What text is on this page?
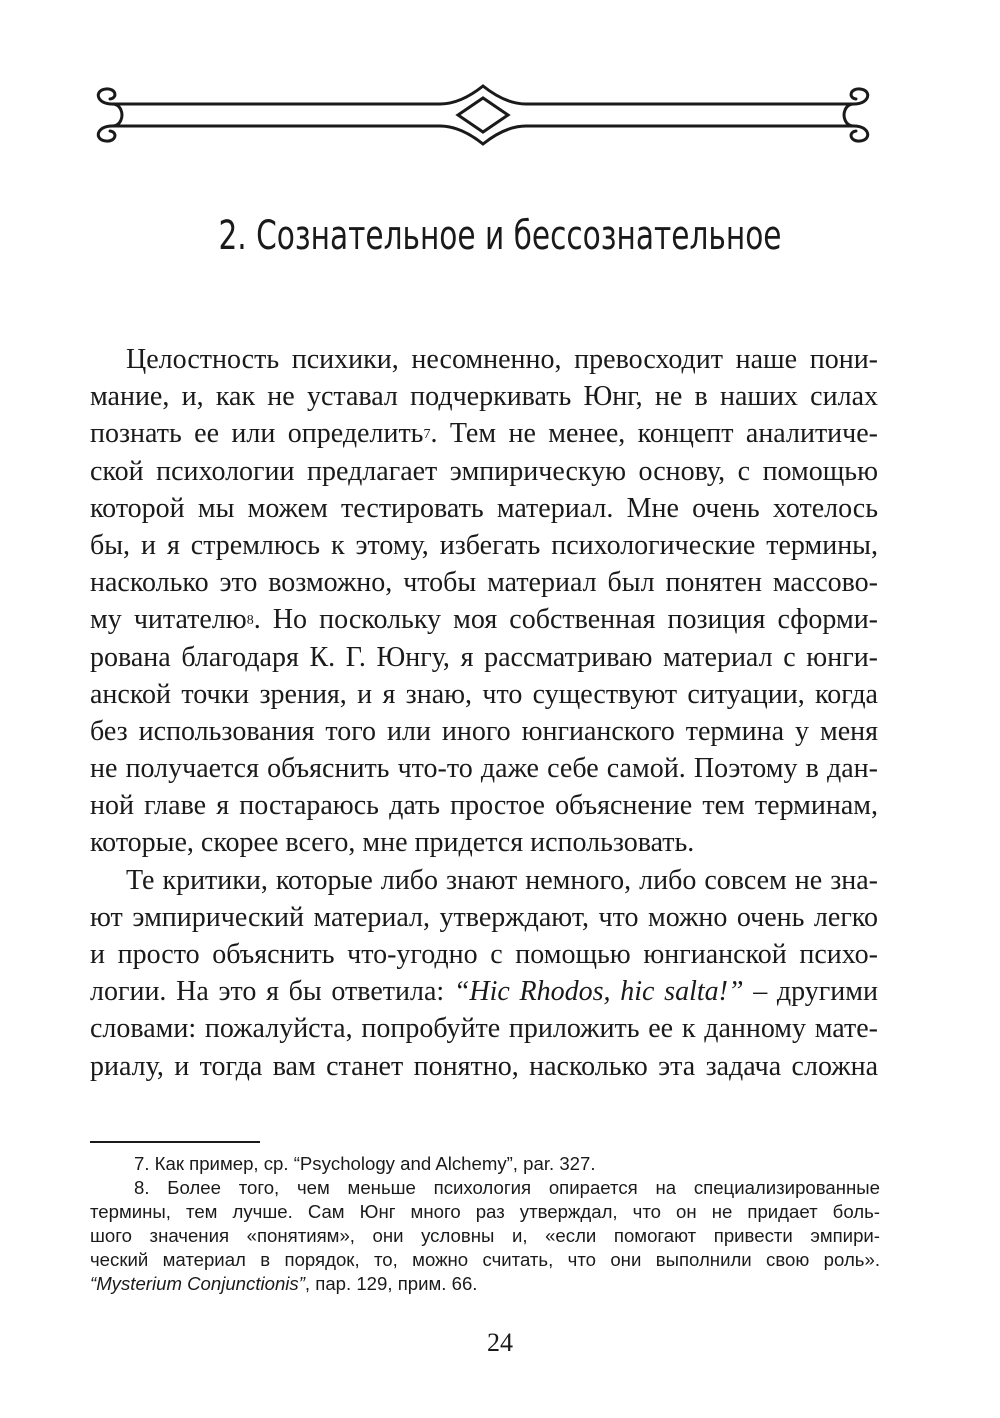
2. Сознательное и бессознательное
Целостность психики, несомненно, превосходит наше пони-
мание, и, как не уставал подчеркивать Юнг, не в наших силах
познать ее или определить$^7$. Тем не менее, концепт аналитиче-
ской психологии предлагает эмпирическую основу, с помощью
которой мы можем тестировать материал. Мне очень хотелось
бы, и я стремлюсь к этому, избегать психологические термины,
насколько это возможно, чтобы материал был понятен массово-
му читателю$^8$. Но поскольку моя собственная позиция сформи-
рована благодаря К. Г. Юнгу, я рассматриваю материал с юнги-
анской точки зрения, и я знаю, что существуют ситуации, когда
без использования того или иного юнгианского термина у меня
не получается объяснить что-то даже себе самой. Поэтому в дан-
ной главе я постараюсь дать простое объяснение тем терминам,
которые, скорее всего, мне придется использовать.
Те критики, которые либо знают немного, либо совсем не зна-
ют эмпирический материал, утверждают, что можно очень легко
и просто объяснить что-угодно с помощью юнгианской психо-
логии. На это я бы ответила: “Hic Rhodos, hic salta!” – другими
словами: пожалуйста, попробуйте приложить ее к данному мате-
риалу, и тогда вам станет понятно, насколько эта задача сложна
7. Как пример, ср. “Psychology and Alchemy”, par. 327.
8. Более того, чем меньше психология опирается на специализированные
термины, тем лучше. Сам Юнг много раз утверждал, что он не придает боль-
шого значения «понятиям», они условны и, «если помогают привести эмпири-
ческий материал в порядок, то, можно считать, что они выполнили свою роль».
“Mysterium Conjunctionis”, пар. 129, прим. 66.
24
